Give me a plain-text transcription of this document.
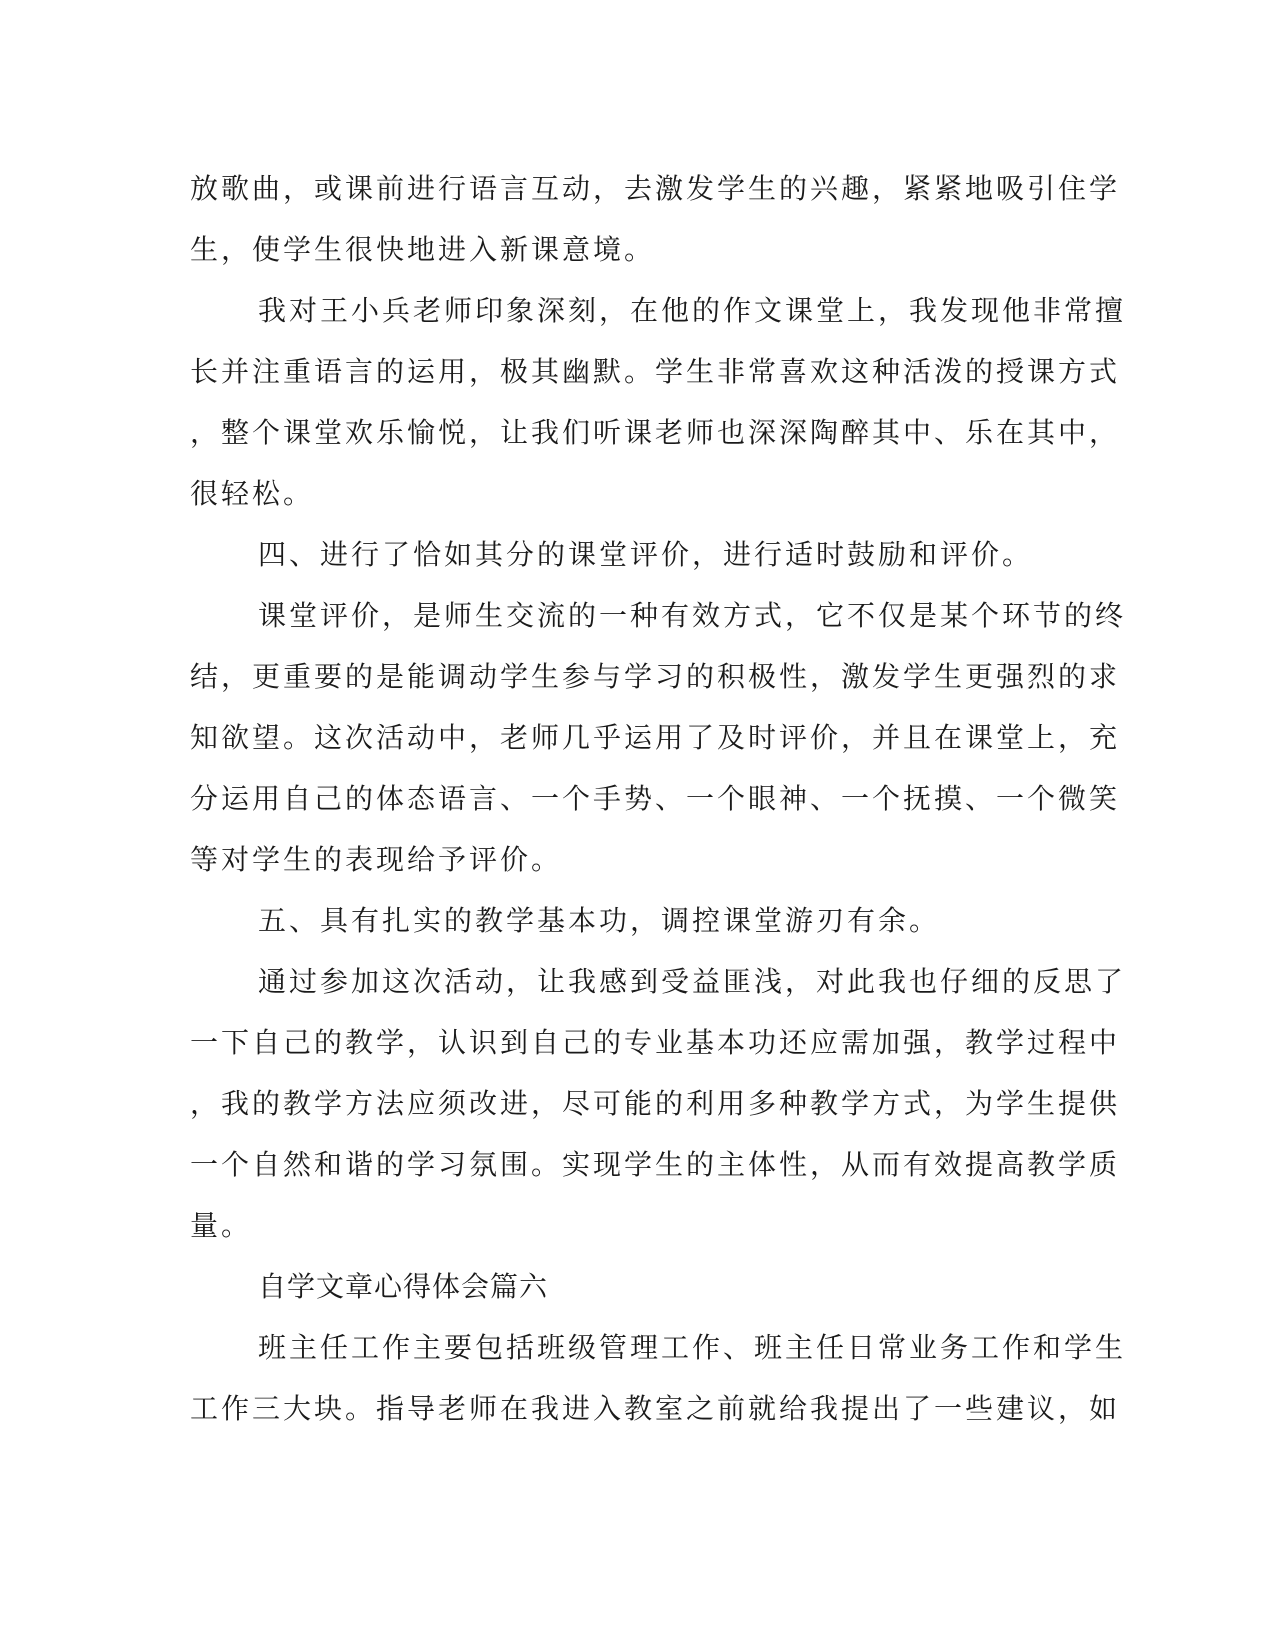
放歌曲，或课前进行语言互动，去激发学生的兴趣，紧紧地吸引住学
生，使学生很快地进入新课意境。

我对王小兵老师印象深刻，在他的作文课堂上，我发现他非常擅
长并注重语言的运用，极其幽默。学生非常喜欢这种活泼的授课方式
，整个课堂欢乐愉悦，让我们听课老师也深深陶醉其中、乐在其中，
很轻松。

四、进行了恰如其分的课堂评价，进行适时鼓励和评价。

课堂评价，是师生交流的一种有效方式，它不仅是某个环节的终
结，更重要的是能调动学生参与学习的积极性，激发学生更强烈的求
知欲望。这次活动中，老师几乎运用了及时评价，并且在课堂上，充
分运用自己的体态语言、一个手势、一个眼神、一个抚摸、一个微笑
等对学生的表现给予评价。

五、具有扎实的教学基本功，调控课堂游刃有余。

通过参加这次活动，让我感到受益匪浅，对此我也仔细的反思了
一下自己的教学，认识到自己的专业基本功还应需加强，教学过程中
，我的教学方法应须改进，尽可能的利用多种教学方式，为学生提供
一个自然和谐的学习氛围。实现学生的主体性，从而有效提高教学质
量。

自学文章心得体会篇六

班主任工作主要包括班级管理工作、班主任日常业务工作和学生
工作三大块。指导老师在我进入教室之前就给我提出了一些建议，如
